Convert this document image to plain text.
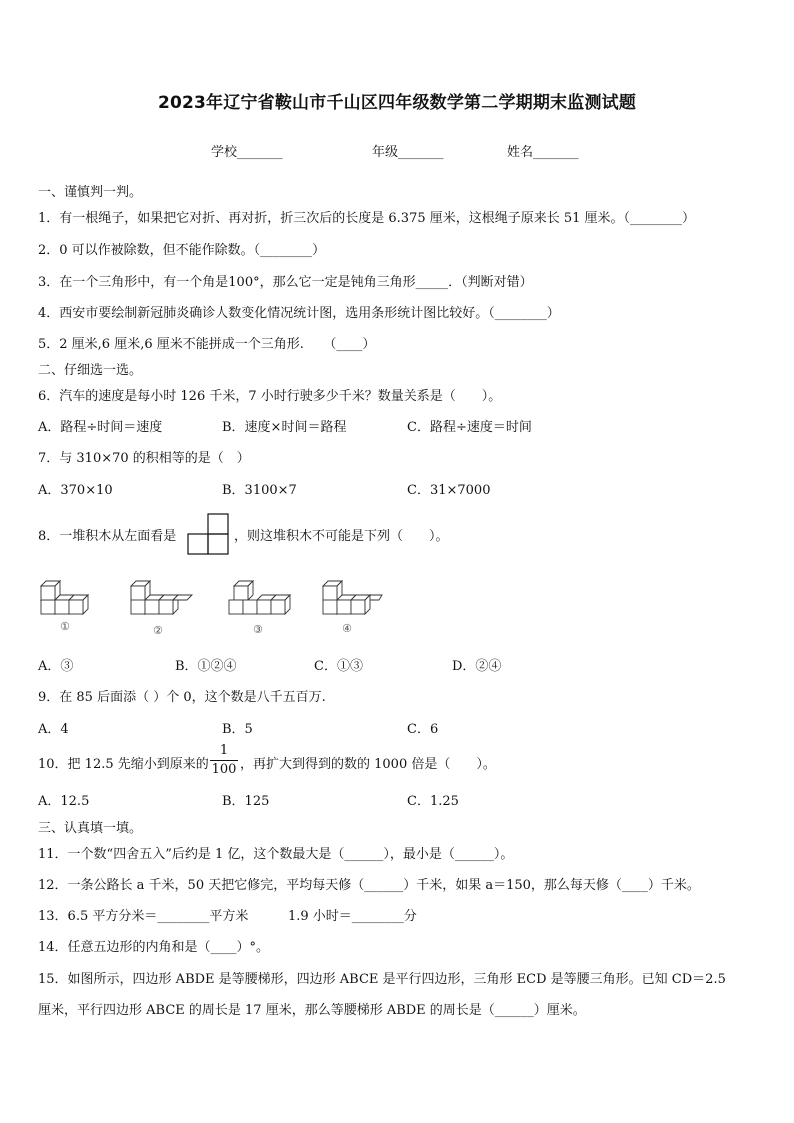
2023年辽宁省鞍山市千山区四年级数学第二学期期末监测试题
学校_______	年级_______	姓名_______
一、谨慎判一判。
1．有一根绳子，如果把它对折、再对折，折三次后的长度是 6.375 厘米，这根绳子原来长 51 厘米。（________）
2．0 可以作被除数，但不能作除数。（________）
3．在一个三角形中，有一个角是100°，那么它一定是钝角三角形_____．（判断对错）
4．西安市要绘制新冠肺炎确诊人数变化情况统计图，选用条形统计图比较好。（________）
5．2 厘米,6 厘米,6 厘米不能拼成一个三角形.　　（____）
二、仔细选一选。
6．汽车的速度是每小时 126 千米，7 小时行驶多少千米？数量关系是（　　）。
A．路程÷时间＝速度	B．速度×时间＝路程	C．路程÷速度＝时间
7．与 310×70 的积相等的是（　）
A．370×10	B．3100×7	C．31×7000
8．一堆积木从左面看是	，则这堆积木不可能是下列（　　）。
①	②	③	④
A．③	B．①②④	C．①③	D．②④
9．在 85 后面添（ ）个 0，这个数是八千五百万.
A．4	B．5	C．6
10．把 12.5 先缩小到原来的
1
100 ，再扩大到得到的数的 1000 倍是（　　）。
A．12.5	B．125	C．1.25
三、认真填一填。
11．一个数“四舍五入”后约是 1 亿，这个数最大是（______），最小是（______）。
12．一条公路长 a 千米，50 天把它修完，平均每天修（______）千米，如果 a＝150，那么每天修（____）千米。
13．6.5 平方分米＝________平方米	1.9 小时＝________分
14．任意五边形的内角和是（____）°。
15．如图所示，四边形 ABDE 是等腰梯形，四边形 ABCE 是平行四边形，三角形 ECD 是等腰三角形。已知 CD＝2.5
厘米，平行四边形 ABCE 的周长是 17 厘米，那么等腰梯形 ABDE 的周长是（______）厘米。
